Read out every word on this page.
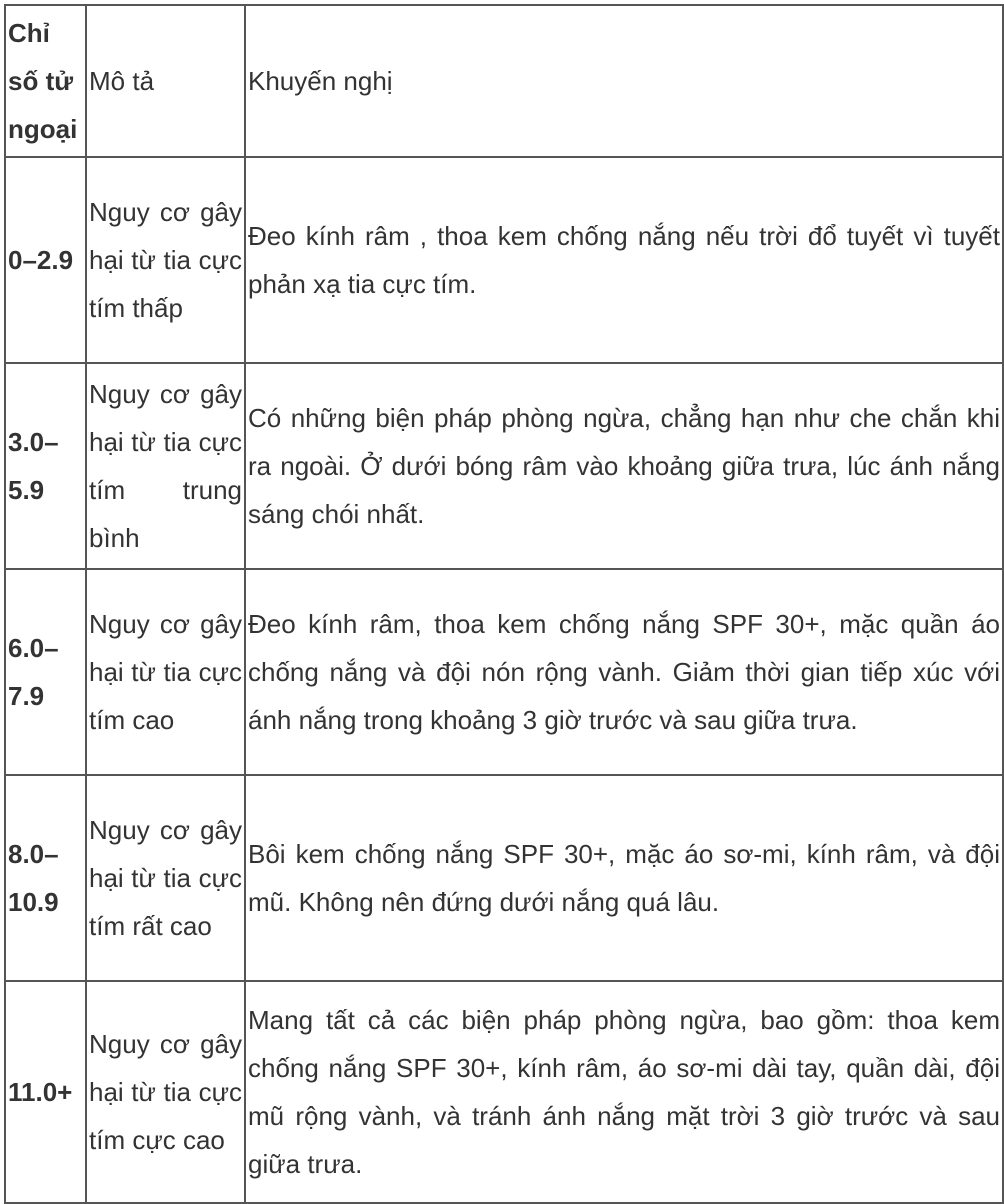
Chỉ số tử ngoại	Mô tả	Khuyến nghị
0–2.9	Nguy cơ gây hại từ tia cực tím thấp	Đeo kính râm , thoa kem chống nắng nếu trời đổ tuyết vì tuyết phản xạ tia cực tím.
3.0–5.9	Nguy cơ gây hại từ tia cực tím trung bình	Có những biện pháp phòng ngừa, chẳng hạn như che chắn khi ra ngoài. Ở dưới bóng râm vào khoảng giữa trưa, lúc ánh nắng sáng chói nhất.
6.0–7.9	Nguy cơ gây hại từ tia cực tím cao	Đeo kính râm, thoa kem chống nắng SPF 30+, mặc quần áo chống nắng và đội nón rộng vành. Giảm thời gian tiếp xúc với ánh nắng trong khoảng 3 giờ trước và sau giữa trưa.
8.0–10.9	Nguy cơ gây hại từ tia cực tím rất cao	Bôi kem chống nắng SPF 30+, mặc áo sơ-mi, kính râm, và đội mũ. Không nên đứng dưới nắng quá lâu.
11.0+	Nguy cơ gây hại từ tia cực tím cực cao	Mang tất cả các biện pháp phòng ngừa, bao gồm: thoa kem chống nắng SPF 30+, kính râm, áo sơ-mi dài tay, quần dài, đội mũ rộng vành, và tránh ánh nắng mặt trời 3 giờ trước và sau giữa trưa.
